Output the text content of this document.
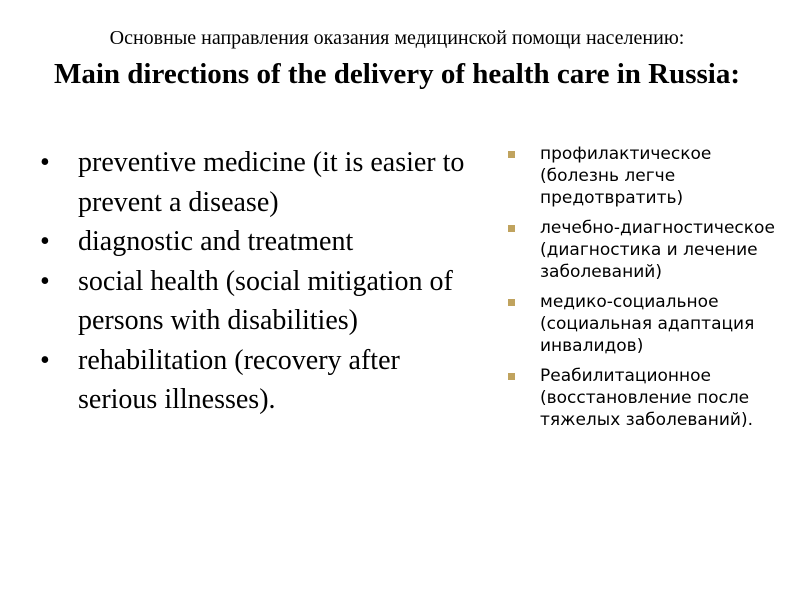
Основные направления оказания медицинской помощи населению:
Main directions of the delivery of health care in Russia:
•	preventive medicine (it is easier to prevent a disease)
•	diagnostic and treatment
•	social health (social mitigation of persons with disabilities)
•	rehabilitation (recovery after serious illnesses).
профилактическое (болезнь легче предотвратить)
лечебно-диагностическое (диагностика и лечение заболеваний)
медико-социальное (социальная адаптация инвалидов)
Реабилитационное (восстановление после тяжелых заболеваний).
